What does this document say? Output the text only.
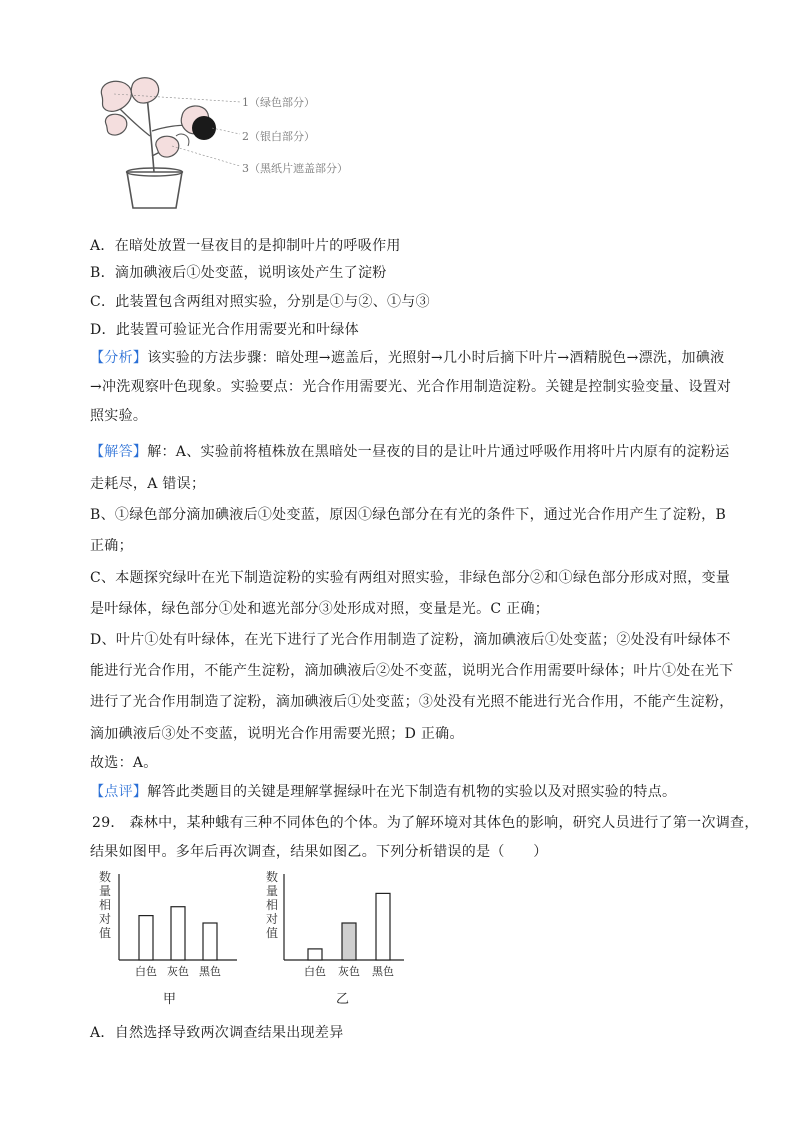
1（绿色部分）
2（银白部分）
3（黑纸片遮盖部分）
A．在暗处放置一昼夜目的是抑制叶片的呼吸作用
B．滴加碘液后①处变蓝，说明该处产生了淀粉
C．此装置包含两组对照实验，分别是①与②、①与③
D．此装置可验证光合作用需要光和叶绿体
【分析】该实验的方法步骤：暗处理→遮盖后，光照射→几小时后摘下叶片→酒精脱色→漂洗，加碘液
→冲洗观察叶色现象。实验要点：光合作用需要光、光合作用制造淀粉。关键是控制实验变量、设置对
照实验。
【解答】解：A、实验前将植株放在黑暗处一昼夜的目的是让叶片通过呼吸作用将叶片内原有的淀粉运
走耗尽，A 错误；
B、①绿色部分滴加碘液后①处变蓝，原因①绿色部分在有光的条件下，通过光合作用产生了淀粉，B
正确；
C、本题探究绿叶在光下制造淀粉的实验有两组对照实验，非绿色部分②和①绿色部分形成对照，变量
是叶绿体，绿色部分①处和遮光部分③处形成对照，变量是光。C 正确；
D、叶片①处有叶绿体，在光下进行了光合作用制造了淀粉，滴加碘液后①处变蓝；②处没有叶绿体不
能进行光合作用，不能产生淀粉，滴加碘液后②处不变蓝，说明光合作用需要叶绿体；叶片①处在光下
进行了光合作用制造了淀粉，滴加碘液后①处变蓝；③处没有光照不能进行光合作用，不能产生淀粉，
滴加碘液后③处不变蓝，说明光合作用需要光照；D 正确。
故选：A。
【点评】解答此类题目的关键是理解掌握绿叶在光下制造有机物的实验以及对照实验的特点。
29． 森林中，某种蛾有三种不同体色的个体。为了解环境对其体色的影响，研究人员进行了第一次调查，
结果如图甲。多年后再次调查，结果如图乙。下列分析错误的是（　　）
数量相对值
白色 灰色 黑色
甲
数量相对值
白色 灰色 黑色
乙
A．自然选择导致两次调查结果出现差异
